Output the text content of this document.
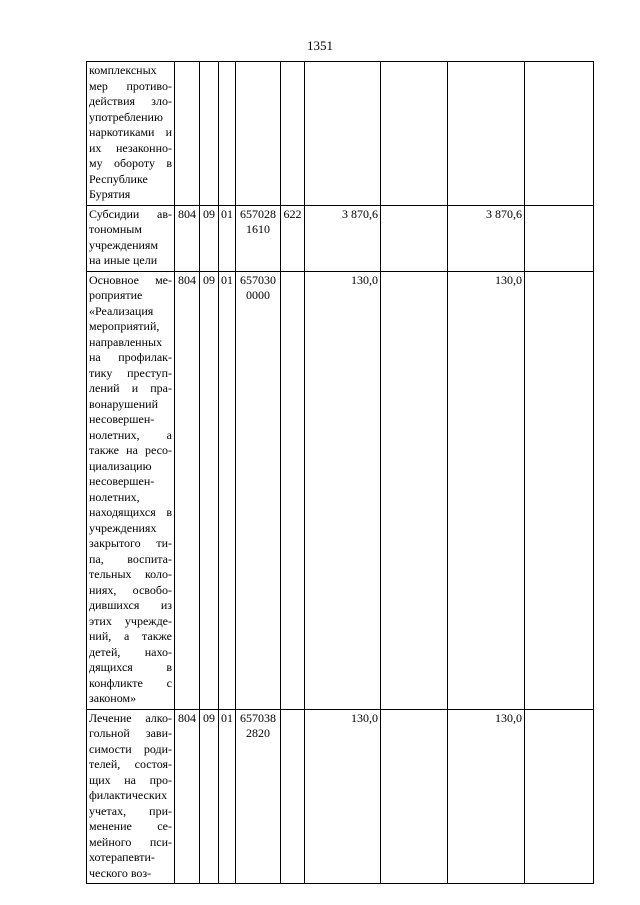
1351
комплексных мер противо-действия зло-употреблению наркотиками и их незаконно-му обороту в Республике Бурятия									
Субсидии ав-тономным учреждениям на иные цели	804	09	01	657028 1610	622	3 870,6		3 870,6	
Основное ме-роприятие «Реализация мероприятий, направленных на профилак-тику преступ-лений и пра-вонарушений несовершен-нолетних, а также на ресо-циализацию несовершен-нолетних, находящихся в учреждениях закрытого ти-па, воспита-тельных коло-ниях, освобо-дившихся из этих учрежде-ний, а также детей, нахо-дящихся в конфликте с законом»	804	09	01	657030 0000		130,0		130,0	
Лечение алко-гольной зави-симости роди-телей, состоя-щих на про-филактических учетах, при-менение се-мейного пси-хотерапевти-ческого воз-	804	09	01	657038 2820		130,0		130,0	
